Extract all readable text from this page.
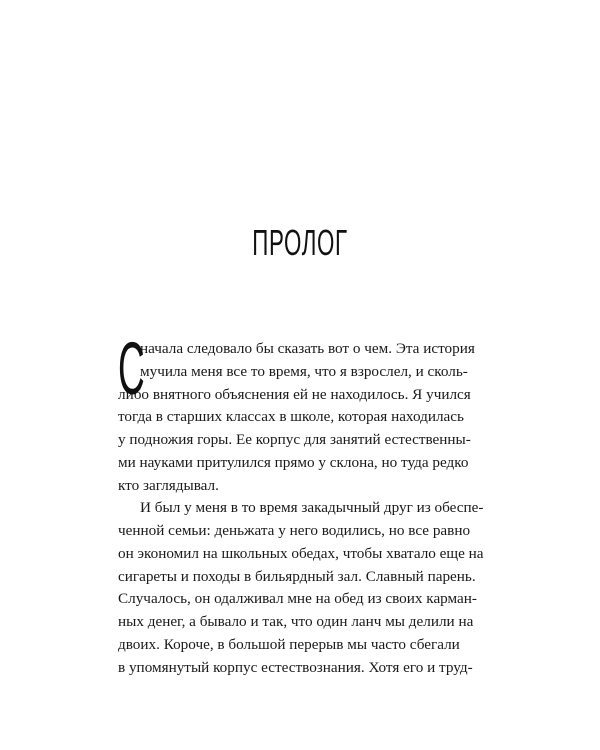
ПРОЛОГ
С
начала следовало бы сказать вот о чем. Эта история
мучила меня все то время, что я взрослел, и сколь-
либо внятного объяснения ей не находилось. Я учился
тогда в старших классах в школе, которая находилась
у подножия горы. Ее корпус для занятий естественны-
ми науками притулился прямо у склона, но туда редко
кто заглядывал.
И был у меня в то время закадычный друг из обеспе-
ченной семьи: деньжата у него водились, но все равно
он экономил на школьных обедах, чтобы хватало еще на
сигареты и походы в бильярдный зал. Славный парень.
Случалось, он одалживал мне на обед из своих карман-
ных денег, а бывало и так, что один ланч мы делили на
двоих. Короче, в большой перерыв мы часто сбегали
в упомянутый корпус естествознания. Хотя его и труд-
